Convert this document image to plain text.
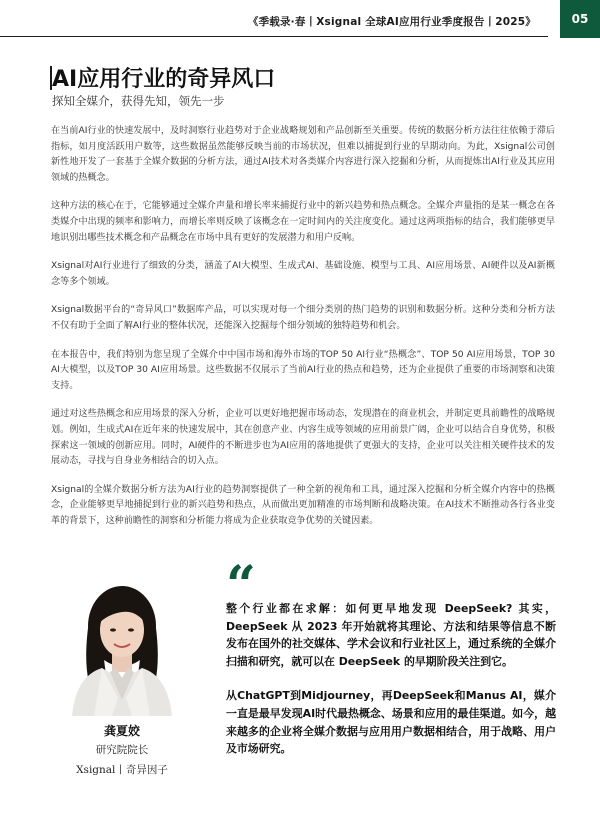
《季载录·春丨Xsignal 全球AI应用行业季度报告丨2025》	05
AI应用行业的奇异风口
探知全媒介，获得先知，领先一步

在当前AI行业的快速发展中，及时洞察行业趋势对于企业战略规划和产品创新至关重要。传统的数据分析方法往往依赖于滞后指标，如月度活跃用户数等，这些数据虽然能够反映当前的市场状况，但难以捕捉到行业的早期动向。为此，Xsignal公司创新性地开发了一套基于全媒介数据的分析方法，通过AI技术对各类媒介内容进行深入挖掘和分析，从而提炼出AI行业及其应用领域的热概念。

这种方法的核心在于，它能够通过全媒介声量和增长率来捕捉行业中的新兴趋势和热点概念。全媒介声量指的是某一概念在各类媒介中出现的频率和影响力，而增长率则反映了该概念在一定时间内的关注度变化。通过这两项指标的结合，我们能够更早地识别出哪些技术概念和产品概念在市场中具有更好的发展潜力和用户反响。

Xsignal对AI行业进行了细致的分类，涵盖了AI大模型、生成式AI、基础设施、模型与工具、AI应用场景、AI硬件以及AI新概念等多个领域。

Xsignal数据平台的“奇异风口”数据库产品，可以实现对每一个细分类别的热门趋势的识别和数据分析。这种分类和分析方法不仅有助于全面了解AI行业的整体状况，还能深入挖掘每个细分领域的独特趋势和机会。

在本报告中，我们特别为您呈现了全媒介中中国市场和海外市场的TOP 50 AI行业“热概念”、TOP 50 AI应用场景，TOP 30 AI大模型，以及TOP 30 AI应用场景。这些数据不仅展示了当前AI行业的热点和趋势，还为企业提供了重要的市场洞察和决策支持。

通过对这些热概念和应用场景的深入分析，企业可以更好地把握市场动态，发现潜在的商业机会，并制定更具前瞻性的战略规划。例如，生成式AI在近年来的快速发展中，其在创意产业、内容生成等领域的应用前景广阔，企业可以结合自身优势，积极探索这一领域的创新应用。同时，AI硬件的不断进步也为AI应用的落地提供了更强大的支持，企业可以关注相关硬件技术的发展动态，寻找与自身业务相结合的切入点。

Xsignal的全媒介数据分析方法为AI行业的趋势洞察提供了一种全新的视角和工具，通过深入挖掘和分析全媒介内容中的热概念，企业能够更早地捕捉到行业的新兴趋势和热点，从而做出更加精准的市场判断和战略决策。在AI技术不断推动各行各业变革的背景下，这种前瞻性的洞察和分析能力将成为企业获取竞争优势的关键因素。

龚夏姣
研究院院长
Xsignal丨奇异因子
“

整个行业都在求解：如何更早地发现 DeepSeek? 其实，DeepSeek 从 2023 年开始就将其理论、方法和结果等信息不断发布在国外的社交媒体、学术会议和行业社区上，通过系统的全媒介扫描和研究，就可以在 DeepSeek 的早期阶段关注到它。

从ChatGPT到Midjourney，再DeepSeek和Manus AI，媒介一直是最早发现AI时代最热概念、场景和应用的最佳渠道。如今，越来越多的企业将全媒介数据与应用用户数据相结合，用于战略、用户及市场研究。
